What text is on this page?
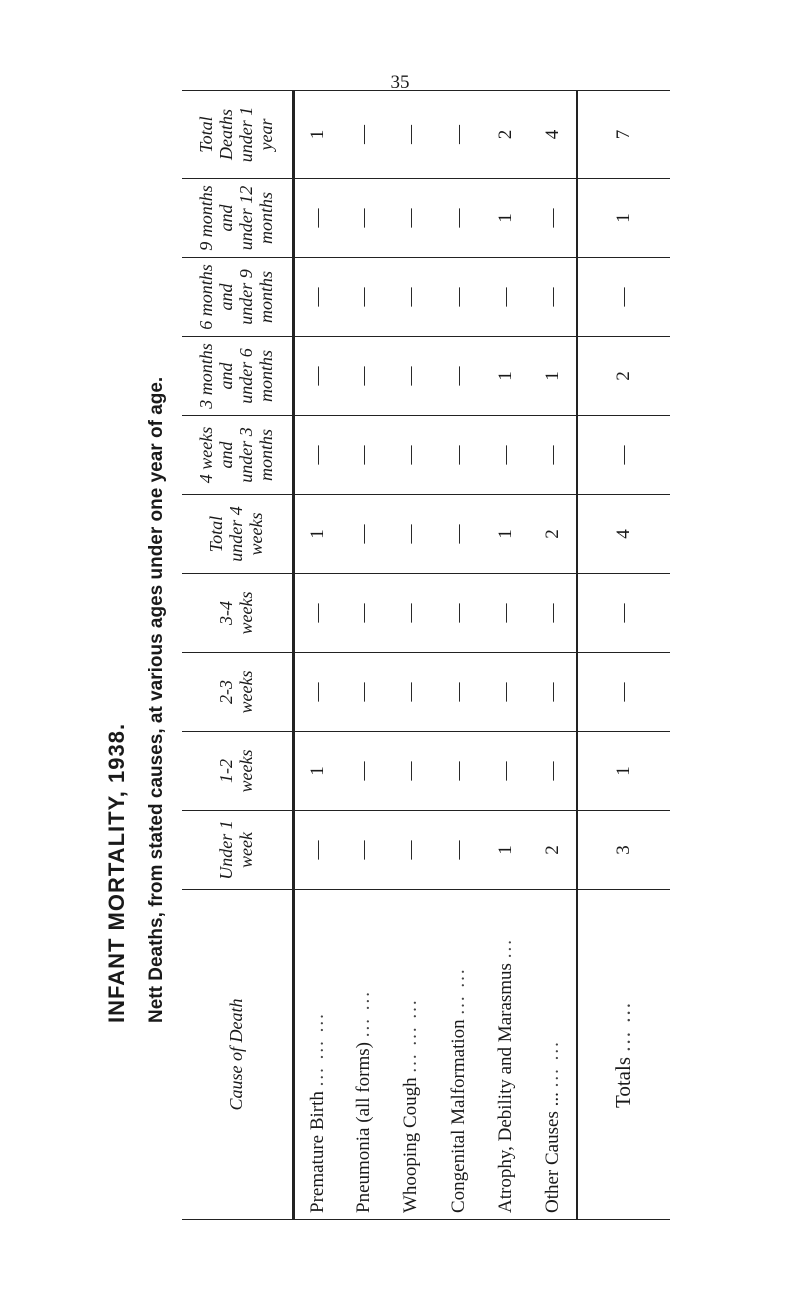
35
INFANT MORTALITY, 1938. Nett Deaths, from stated causes, at various ages under one year of age.
Cause of Death	Under 1 week	1-2 weeks	2-3 weeks	3-4 weeks	Total under 4 weeks	4 weeks and under 3 months	3 months and under 6 months	6 months and under 9 months	9 months and under 12 months	Total Deaths under 1 year
Premature Birth ... ... ...	—	1	—	—	1	—	—	—	—	1
Pneumonia (all forms) ... ...	—	—	—	—	—	—	—	—	—	—
Whooping Cough ... ... ...	—	—	—	—	—	—	—	—	—	—
Congenital Malformation ... ...	—	—	—	—	—	—	—	—	—	—
Atrophy, Debility and Marasmus ...	1	—	—	—	1	—	1	—	1	2
Other Causes ... ... ...	2	—	—	—	2	—	1	—	—	4
Totals ... ...	3	1	—	—	4	—	2	—	1	7
